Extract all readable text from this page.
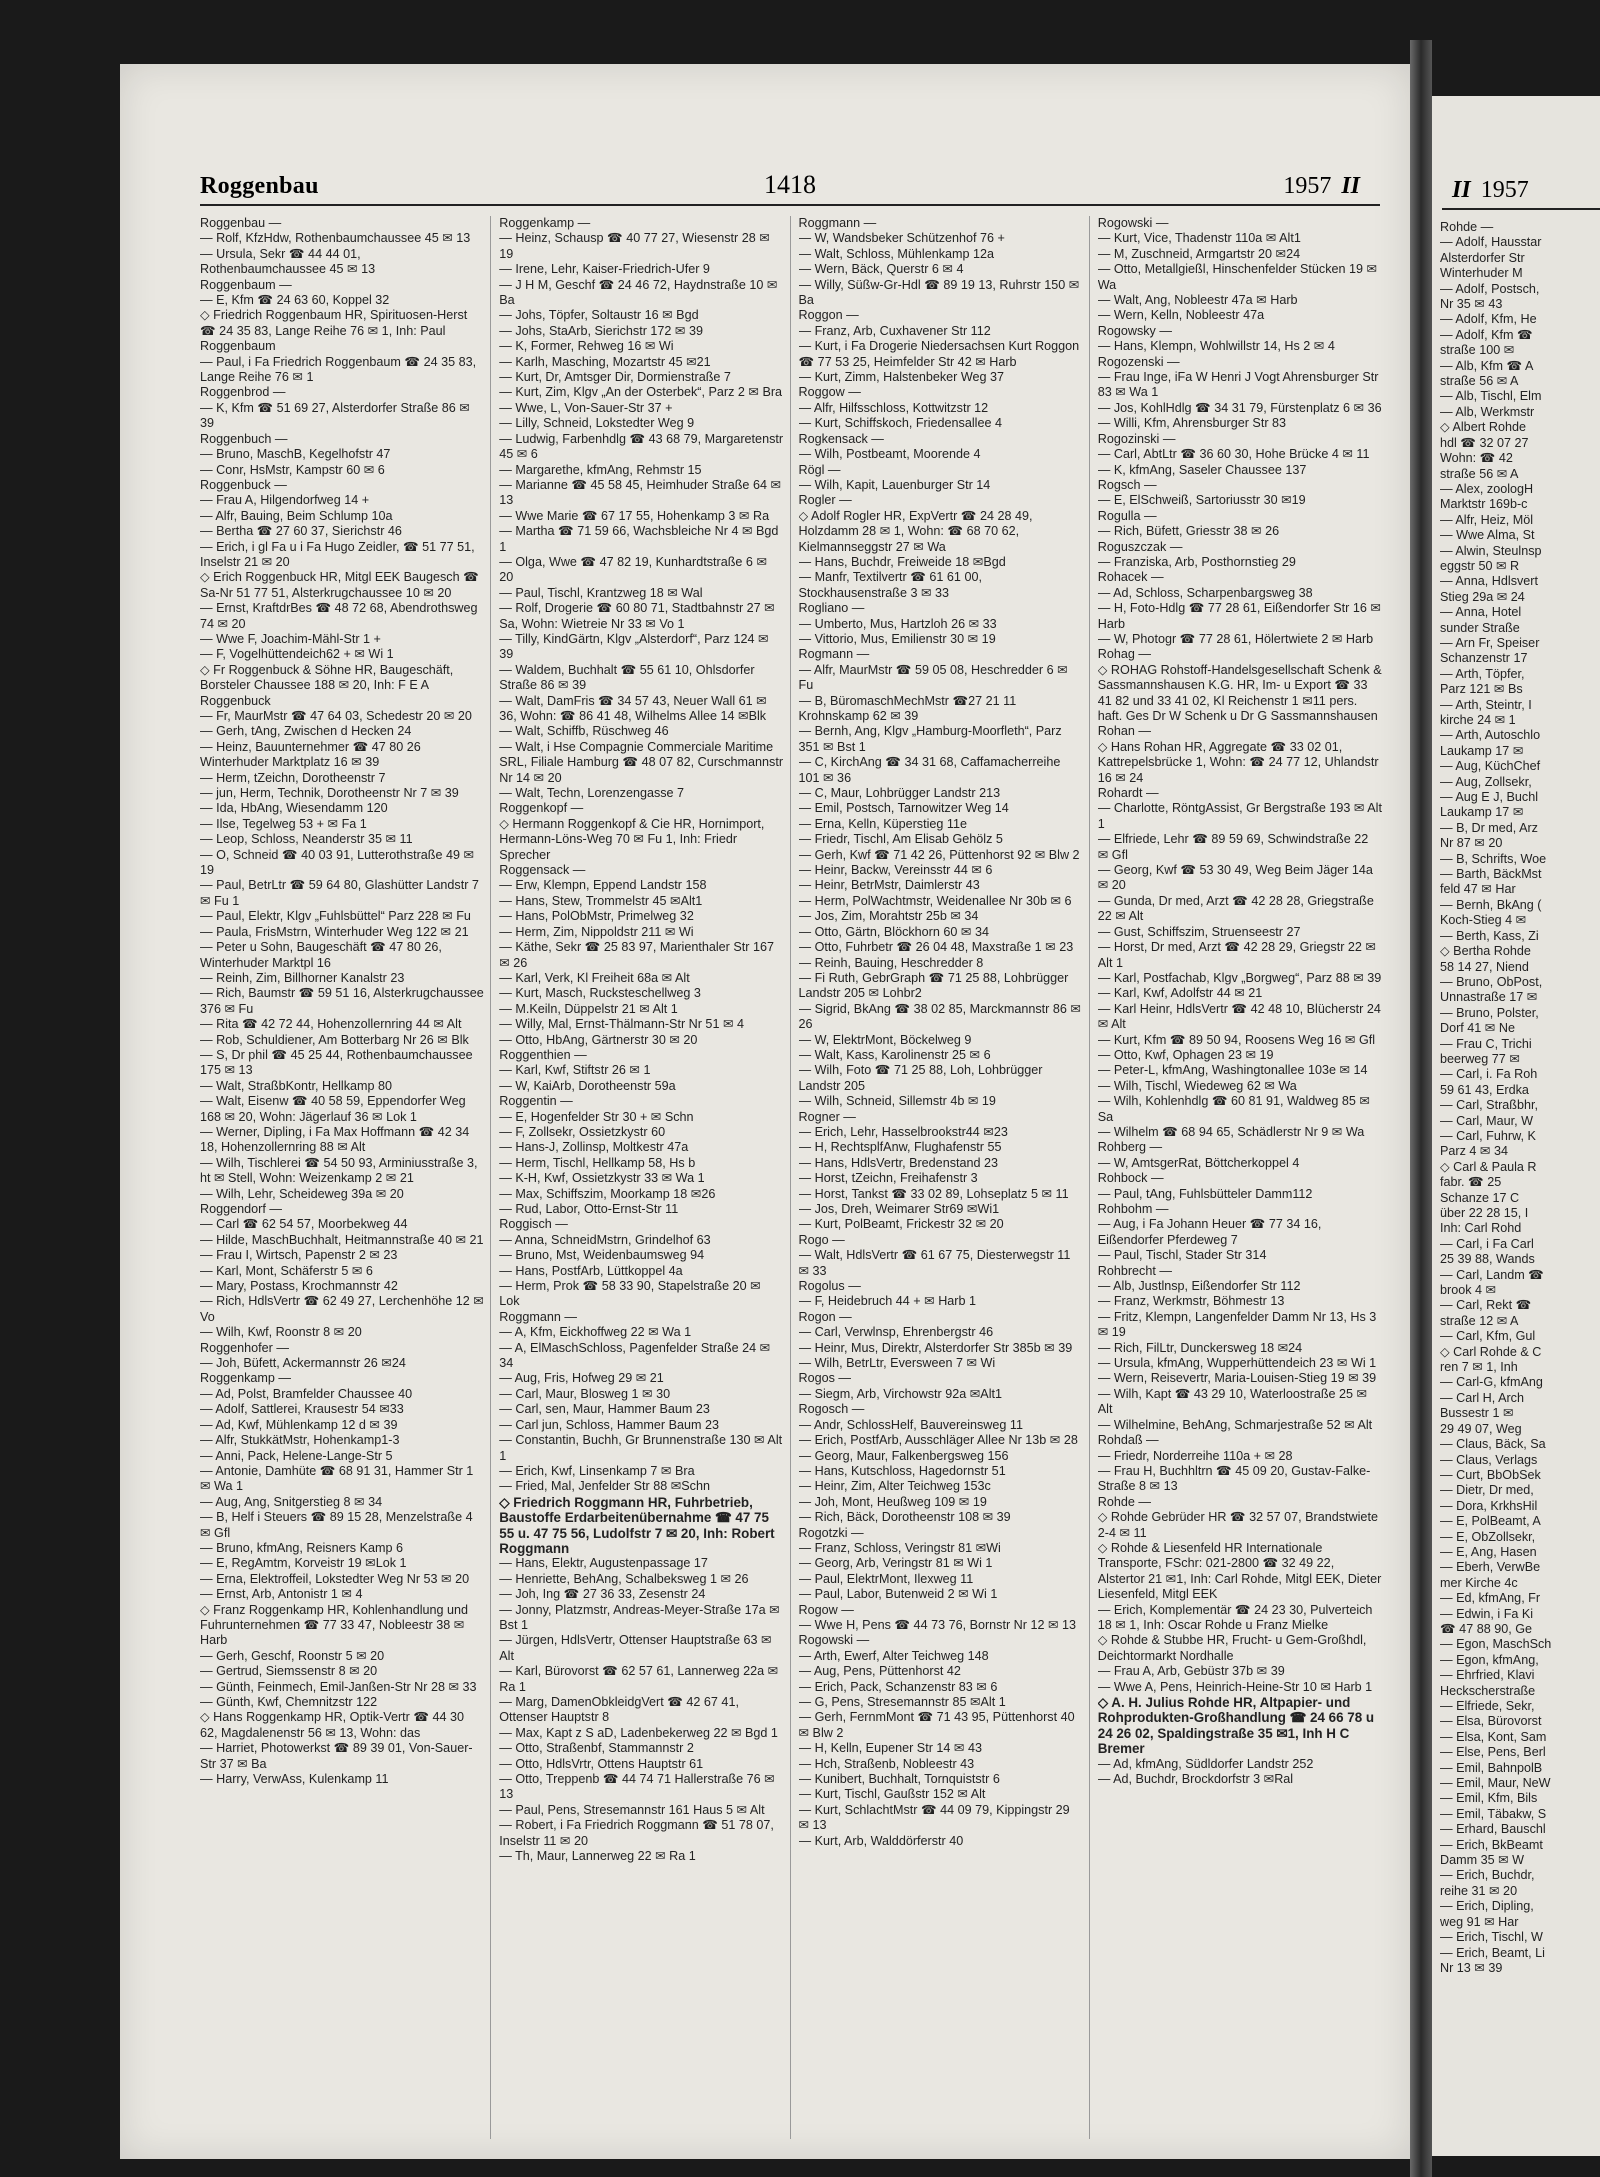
Roggenbau	1418	1957 II

Roggenbau —

— Rolf, KfzHdw, Rothenbaumchaussee 45 ✉ 13

— Ursula, Sekr ☎ 44 44 01, Rothenbaumchaussee 45 ✉ 13

Roggenbaum —

— E, Kfm ☎ 24 63 60, Koppel 32

◇ Friedrich Roggenbaum HR, Spirituosen-Herst ☎ 24 35 83, Lange Reihe 76 ✉ 1, Inh: Paul Roggenbaum

— Paul, i Fa Friedrich Roggenbaum ☎ 24 35 83, Lange Reihe 76 ✉ 1

Roggenbrod —

— K, Kfm ☎ 51 69 27, Alsterdorfer Straße 86 ✉ 39

Roggenbuch —

— Bruno, MaschB, Kegelhofstr 47

— Conr, HsMstr, Kampstr 60 ✉ 6

Roggenbuck —

— Frau A, Hilgendorfweg 14 +

— Alfr, Bauing, Beim Schlump 10a

— Bertha ☎ 27 60 37, Sierichstr 46

— Erich, i gl Fa u i Fa Hugo Zeidler, ☎ 51 77 51, Inselstr 21 ✉ 20

◇ Erich Roggenbuck HR, Mitgl EEK Baugesch ☎ Sa-Nr 51 77 51, Alsterkrugchaussee 10 ✉ 20

— Ernst, KraftdrBes ☎ 48 72 68, Abendrothsweg 74 ✉ 20

— Wwe F, Joachim-Mähl-Str 1 +

— F, Vogelhüttendeich62 + ✉ Wi 1

◇ Fr Roggenbuck & Söhne HR, Baugeschäft, Borsteler Chaussee 188 ✉ 20, Inh: F E A Roggenbuck

— Fr, MaurMstr ☎ 47 64 03, Schedestr 20 ✉ 20

— Gerh, tAng, Zwischen d Hecken 24

— Heinz, Bauunternehmer ☎ 47 80 26 Winterhuder Marktplatz 16 ✉ 39

— Herm, tZeichn, Dorotheenstr 7

— jun, Herm, Technik, Dorotheenstr Nr 7 ✉ 39

— Ida, HbAng, Wiesendamm 120

— Ilse, Tegelweg 53 + ✉ Fa 1

— Leop, Schloss, Neanderstr 35 ✉ 11

— O, Schneid ☎ 40 03 91, Lutterothstraße 49 ✉ 19

— Paul, BetrLtr ☎ 59 64 80, Glashütter Landstr 7 ✉ Fu 1

— Paul, Elektr, Klgv „Fuhlsbüttel“ Parz 228 ✉ Fu

— Paula, FrisMstrn, Winterhuder Weg 122 ✉ 21

— Peter u Sohn, Baugeschäft ☎ 47 80 26, Winterhuder Marktpl 16

— Reinh, Zim, Billhorner Kanalstr 23

— Rich, Baumstr ☎ 59 51 16, Alsterkrugchaussee 376 ✉ Fu

— Rita ☎ 42 72 44, Hohenzollernring 44 ✉ Alt

— Rob, Schuldiener, Am Botterbarg Nr 26 ✉ Blk

— S, Dr phil ☎ 45 25 44, Rothenbaumchaussee 175 ✉ 13

— Walt, StraßbKontr, Hellkamp 80

— Walt, Eisenw ☎ 40 58 59, Eppendorfer Weg 168 ✉ 20, Wohn: Jägerlauf 36 ✉ Lok 1

— Werner, Dipling, i Fa Max Hoffmann ☎ 42 34 18, Hohenzollernring 88 ✉ Alt

— Wilh, Tischlerei ☎ 54 50 93, Arminiusstraße 3, ht ✉ Stell, Wohn: Weizenkamp 2 ✉ 21

— Wilh, Lehr, Scheideweg 39a ✉ 20

Roggendorf —

— Carl ☎ 62 54 57, Moorbekweg 44

— Hilde, MaschBuchhalt, Heitmannstraße 40 ✉ 21

— Frau I, Wirtsch, Papenstr 2 ✉ 23

— Karl, Mont, Schäferstr 5 ✉ 6

— Mary, Postass, Krochmannstr 42

— Rich, HdlsVertr ☎ 62 49 27, Lerchenhöhe 12 ✉ Vo

— Wilh, Kwf, Roonstr 8 ✉ 20

Roggenhofer —

— Joh, Büfett, Ackermannstr 26 ✉24

Roggenkamp —

— Ad, Polst, Bramfelder Chaussee 40

— Adolf, Sattlerei, Krausestr 54 ✉33

— Ad, Kwf, Mühlenkamp 12 d ✉ 39

— Alfr, StukkätMstr, Hohenkamp1-3

— Anni, Pack, Helene-Lange-Str 5

— Antonie, Damhüte ☎ 68 91 31, Hammer Str 1 ✉ Wa 1

— Aug, Ang, Snitgerstieg 8 ✉ 34

— B, Helf i Steuers ☎ 89 15 28, Menzelstraße 4 ✉ Gfl

— Bruno, kfmAng, Reisners Kamp 6

— E, RegAmtm, Korveistr 19 ✉Lok 1

— Erna, Elektroffeil, Lokstedter Weg Nr 53 ✉ 20

— Ernst, Arb, Antonistr 1 ✉ 4

◇ Franz Roggenkamp HR, Kohlenhandlung und Fuhrunternehmen ☎ 77 33 47, Nobleestr 38 ✉ Harb

— Gerh, Geschf, Roonstr 5 ✉ 20

— Gertrud, Siemssenstr 8 ✉ 20

— Günth, Feinmech, Emil-Janßen-Str Nr 28 ✉ 33

— Günth, Kwf, Chemnitzstr 122

◇ Hans Roggenkamp HR, Optik-Vertr ☎ 44 30 62, Magdalenenstr 56 ✉ 13, Wohn: das

— Harriet, Photowerkst ☎ 89 39 01, Von-Sauer-Str 37 ✉ Ba

— Harry, VerwAss, Kulenkamp 11

Roggenkamp —

— Heinz, Schausp ☎ 40 77 27, Wiesenstr 28 ✉ 19

— Irene, Lehr, Kaiser-Friedrich-Ufer 9

— J H M, Geschf ☎ 24 46 72, Haydnstraße 10 ✉ Ba

— Johs, Töpfer, Soltaustr 16 ✉ Bgd

— Johs, StaArb, Sierichstr 172 ✉ 39

— K, Former, Rehweg 16 ✉ Wi

— Karlh, Masching, Mozartstr 45 ✉21

— Kurt, Dr, Amtsger Dir, Dormienstraße 7

— Kurt, Zim, Klgv „An der Osterbek“, Parz 2 ✉ Bra

— Wwe, L, Von-Sauer-Str 37 +

— Lilly, Schneid, Lokstedter Weg 9

— Ludwig, Farbenhdlg ☎ 43 68 79, Margaretenstr 45 ✉ 6

— Margarethe, kfmAng, Rehmstr 15

— Marianne ☎ 45 58 45, Heimhuder Straße 64 ✉ 13

— Wwe Marie ☎ 67 17 55, Hohenkamp 3 ✉ Ra

— Martha ☎ 71 59 66, Wachsbleiche Nr 4 ✉ Bgd 1

— Olga, Wwe ☎ 47 82 19, Kunhardtstraße 6 ✉ 20

— Paul, Tischl, Krantzweg 18 ✉ Wal

— Rolf, Drogerie ☎ 60 80 71, Stadtbahnstr 27 ✉ Sa, Wohn: Wietreie Nr 33 ✉ Vo 1

— Tilly, KindGärtn, Klgv „Alsterdorf“, Parz 124 ✉ 39

— Waldem, Buchhalt ☎ 55 61 10, Ohlsdorfer Straße 86 ✉ 39

— Walt, DamFris ☎ 34 57 43, Neuer Wall 61 ✉ 36, Wohn: ☎ 86 41 48, Wilhelms Allee 14 ✉Blk

— Walt, Schiffb, Rüschweg 46

— Walt, i Hse Compagnie Commerciale Maritime SRL, Filiale Hamburg ☎ 48 07 82, Curschmannstr Nr 14 ✉ 20

— Walt, Techn, Lorenzengasse 7

Roggenkopf —

◇ Hermann Roggenkopf & Cie HR, Hornimport, Hermann-Löns-Weg 70 ✉ Fu 1, Inh: Friedr Sprecher

Roggensack —

— Erw, Klempn, Eppend Landstr 158

— Hans, Stew, Trommelstr 45 ✉Alt1

— Hans, PolObMstr, Primelweg 32

— Herm, Zim, Nippoldstr 211 ✉ Wi

— Käthe, Sekr ☎ 25 83 97, Marienthaler Str 167 ✉ 26

— Karl, Verk, Kl Freiheit 68a ✉ Alt

— Kurt, Masch, Rucksteschellweg 3

— M.Keiln, Düppelstr 21 ✉ Alt 1

— Willy, Mal, Ernst-Thälmann-Str Nr 51 ✉ 4

— Otto, HbAng, Gärtnerstr 30 ✉ 20

Roggenthien —

— Karl, Kwf, Stiftstr 26 ✉ 1

— W, KaiArb, Dorotheenstr 59a

Roggentin —

— E, Hogenfelder Str 30 + ✉ Schn

— F, Zollsekr, Ossietzkystr 60

— Hans-J, Zollinsp, Moltkestr 47a

— Herm, Tischl, Hellkamp 58, Hs b

— K-H, Kwf, Ossietzkystr 33 ✉ Wa 1

— Max, Schiffszim, Moorkamp 18 ✉26

— Rud, Labor, Otto-Ernst-Str 11

Roggisch —

— Anna, SchneidMstrn, Grindelhof 63

— Bruno, Mst, Weidenbaumsweg 94

— Hans, PostfArb, Lüttkoppel 4a

— Herm, Prok ☎ 58 33 90, Stapelstraße 20 ✉ Lok

Roggmann —

— A, Kfm, Eickhoffweg 22 ✉ Wa 1

— A, ElMaschSchloss, Pagenfelder Straße 24 ✉ 34

— Aug, Fris, Hofweg 29 ✉ 21

— Carl, Maur, Blosweg 1 ✉ 30

— Carl, sen, Maur, Hammer Baum 23

— Carl jun, Schloss, Hammer Baum 23

— Constantin, Buchh, Gr Brunnenstraße 130 ✉ Alt 1

— Erich, Kwf, Linsenkamp 7 ✉ Bra

— Fried, Mal, Jenfelder Str 88 ✉Schn

◇ Friedrich Roggmann HR, Fuhrbetrieb, Baustoffe Erdarbeitenübernahme ☎ 47 75 55 u. 47 75 56, Ludolfstr 7 ✉ 20, Inh: Robert Roggmann

— Hans, Elektr, Augustenpassage 17

— Henriette, BehAng, Schalbeksweg 1 ✉ 26

— Joh, Ing ☎ 27 36 33, Zesenstr 24

— Jonny, Platzmstr, Andreas-Meyer-Straße 17a ✉ Bst 1

— Jürgen, HdlsVertr, Ottenser Hauptstraße 63 ✉ Alt

— Karl, Bürovorst ☎ 62 57 61, Lannerweg 22a ✉ Ra 1

— Marg, DamenObkleidgVert ☎ 42 67 41, Ottenser Hauptstr 8

— Max, Kapt z S aD, Ladenbekerweg 22 ✉ Bgd 1

— Otto, Straßenbf, Stammannstr 2

— Otto, HdlsVrtr, Ottens Hauptstr 61

— Otto, Treppenb ☎ 44 74 71 Hallerstraße 76 ✉ 13

— Paul, Pens, Stresemannstr 161 Haus 5 ✉ Alt

— Robert, i Fa Friedrich Roggmann ☎ 51 78 07, Inselstr 11 ✉ 20

— Th, Maur, Lannerweg 22 ✉ Ra 1

Roggmann —

— W, Wandsbeker Schützenhof 76 +

— Walt, Schloss, Mühlenkamp 12a

— Wern, Bäck, Querstr 6 ✉ 4

— Willy, Süßw-Gr-Hdl ☎ 89 19 13, Ruhrstr 150 ✉ Ba

Roggon —

— Franz, Arb, Cuxhavener Str 112

— Kurt, i Fa Drogerie Niedersachsen Kurt Roggon ☎ 77 53 25, Heimfelder Str 42 ✉ Harb

— Kurt, Zimm, Halstenbeker Weg 37

Roggow —

— Alfr, Hilfsschloss, Kottwitzstr 12

— Kurt, Schiffskoch, Friedensallee 4

Rogkensack —

— Wilh, Postbeamt, Moorende 4

Rögl —

— Wilh, Kapit, Lauenburger Str 14

Rogler —

◇ Adolf Rogler HR, ExpVertr ☎ 24 28 49, Holzdamm 28 ✉ 1, Wohn: ☎ 68 70 62, Kielmannseggstr 27 ✉ Wa

— Hans, Buchdr, Freiweide 18 ✉Bgd

— Manfr, Textilvertr ☎ 61 61 00, Stockhausenstraße 3 ✉ 33

Rogliano —

— Umberto, Mus, Hartzloh 26 ✉ 33

— Vittorio, Mus, Emilienstr 30 ✉ 19

Rogmann —

— Alfr, MaurMstr ☎ 59 05 08, Heschredder 6 ✉ Fu

— B, BüromaschMechMstr ☎27 21 11 Krohnskamp 62 ✉ 39

— Bernh, Ang, Klgv „Hamburg-Moorfleth“, Parz 351 ✉ Bst 1

— C, KirchAng ☎ 34 31 68, Caffamacherreihe 101 ✉ 36

— C, Maur, Lohbrügger Landstr 213

— Emil, Postsch, Tarnowitzer Weg 14

— Erna, Kelln, Küperstieg 11e

— Friedr, Tischl, Am Elisab Gehölz 5

— Gerh, Kwf ☎ 71 42 26, Püttenhorst 92 ✉ Blw 2

— Heinr, Backw, Vereinsstr 44 ✉ 6

— Heinr, BetrMstr, Daimlerstr 43

— Herm, PolWachtmstr, Weidenallee Nr 30b ✉ 6

— Jos, Zim, Morahtstr 25b ✉ 34

— Otto, Gärtn, Blöckhorn 60 ✉ 34

— Otto, Fuhrbetr ☎ 26 04 48, Maxstraße 1 ✉ 23

— Reinh, Bauing, Heschredder 8

— Fi Ruth, GebrGraph ☎ 71 25 88, Lohbrügger Landstr 205 ✉ Lohbr2

— Sigrid, BkAng ☎ 38 02 85, Marckmannstr 86 ✉ 26

— W, ElektrMont, Böckelweg 9

— Walt, Kass, Karolinenstr 25 ✉ 6

— Wilh, Foto ☎ 71 25 88, Loh, Lohbrügger Landstr 205

— Wilh, Schneid, Sillemstr 4b ✉ 19

Rogner —

— Erich, Lehr, Hasselbrookstr44 ✉23

— H, RechtsplfAnw, Flughafenstr 55

— Hans, HdlsVertr, Bredenstand 23

— Horst, tZeichn, Freihafenstr 3

— Horst, Tankst ☎ 33 02 89, Lohseplatz 5 ✉ 11

— Jos, Dreh, Weimarer Str69 ✉Wi1

— Kurt, PolBeamt, Frickestr 32 ✉ 20

Rogo —

— Walt, HdlsVertr ☎ 61 67 75, Diesterwegstr 11 ✉ 33

Rogolus —

— F, Heidebruch 44 + ✉ Harb 1

Rogon —

— Carl, Verwlnsp, Ehrenbergstr 46

— Heinr, Mus, Direktr, Alsterdorfer Str 385b ✉ 39

— Wilh, BetrLtr, Eversween 7 ✉ Wi

Rogos —

— Siegm, Arb, Virchowstr 92a ✉Alt1

Rogosch —

— Andr, SchlossHelf, Bauvereinsweg 11

— Erich, PostfArb, Ausschläger Allee Nr 13b ✉ 28

— Georg, Maur, Falkenbergsweg 156

— Hans, Kutschloss, Hagedornstr 51

— Heinr, Zim, Alter Teichweg 153c

— Joh, Mont, Heußweg 109 ✉ 19

— Rich, Bäck, Dorotheenstr 108 ✉ 39

Rogotzki —

— Franz, Schloss, Veringstr 81 ✉Wi

— Georg, Arb, Veringstr 81 ✉ Wi 1

— Paul, ElektrMont, Ilexweg 11

— Paul, Labor, Butenweid 2 ✉ Wi 1

Rogow —

— Wwe H, Pens ☎ 44 73 76, Bornstr Nr 12 ✉ 13

Rogowski —

— Arth, Ewerf, Alter Teichweg 148

— Aug, Pens, Püttenhorst 42

— Erich, Pack, Schanzenstr 83 ✉ 6

— G, Pens, Stresemannstr 85 ✉Alt 1

— Gerh, FernmMont ☎ 71 43 95, Püttenhorst 40 ✉ Blw 2

— H, Kelln, Eupener Str 14 ✉ 43

— Hch, Straßenb, Nobleestr 43

— Kunibert, Buchhalt, Tornquiststr 6

— Kurt, Tischl, Gaußstr 152 ✉ Alt

— Kurt, SchlachtMstr ☎ 44 09 79, Kippingstr 29 ✉ 13

— Kurt, Arb, Walddörferstr 40

Rogowski —

— Kurt, Vice, Thadenstr 110a ✉ Alt1

— M, Zuschneid, Armgartstr 20 ✉24

— Otto, Metallgießl, Hinschenfelder Stücken 19 ✉ Wa

— Walt, Ang, Nobleestr 47a ✉ Harb

— Wern, Kelln, Nobleestr 47a

Rogowsky —

— Hans, Klempn, Wohlwillstr 14, Hs 2 ✉ 4

Rogozenski —

— Frau Inge, iFa W Henri J Vogt Ahrensburger Str 83 ✉ Wa 1

— Jos, KohlHdlg ☎ 34 31 79, Fürstenplatz 6 ✉ 36

— Willi, Kfm, Ahrensburger Str 83

Rogozinski —

— Carl, AbtLtr ☎ 36 60 30, Hohe Brücke 4 ✉ 11

— K, kfmAng, Saseler Chaussee 137

Rogsch —

— E, ElSchweiß, Sartoriusstr 30 ✉19

Rogulla —

— Rich, Büfett, Griesstr 38 ✉ 26

Roguszczak —

— Franziska, Arb, Posthornstieg 29

Rohacek —

— Ad, Schloss, Scharpenbargsweg 38

— H, Foto-Hdlg ☎ 77 28 61, Eißendorfer Str 16 ✉ Harb

— W, Photogr ☎ 77 28 61, Hölertwiete 2 ✉ Harb

Rohag —

◇ ROHAG Rohstoff-Handelsgesellschaft Schenk & Sassmannshausen K.G. HR, Im- u Export ☎ 33 41 82 und 33 41 02, Kl Reichenstr 1 ✉11 pers. haft. Ges Dr W Schenk u Dr G Sassmannshausen

Rohan —

◇ Hans Rohan HR, Aggregate ☎ 33 02 01, Kattrepelsbrücke 1, Wohn: ☎ 24 77 12, Uhlandstr 16 ✉ 24

Rohardt —

— Charlotte, RöntgAssist, Gr Bergstraße 193 ✉ Alt 1

— Elfriede, Lehr ☎ 89 59 69, Schwindstraße 22 ✉ Gfl

— Georg, Kwf ☎ 53 30 49, Weg Beim Jäger 14a ✉ 20

— Gunda, Dr med, Arzt ☎ 42 28 28, Griegstraße 22 ✉ Alt

— Gust, Schiffszim, Struenseestr 27

— Horst, Dr med, Arzt ☎ 42 28 29, Griegstr 22 ✉ Alt 1

— Karl, Postfachab, Klgv „Borgweg“, Parz 88 ✉ 39

— Karl, Kwf, Adolfstr 44 ✉ 21

— Karl Heinr, HdlsVertr ☎ 42 48 10, Blücherstr 24 ✉ Alt

— Kurt, Kfm ☎ 89 50 94, Roosens Weg 16 ✉ Gfl

— Otto, Kwf, Ophagen 23 ✉ 19

— Peter-L, kfmAng, Washingtonallee 103e ✉ 14

— Wilh, Tischl, Wiedeweg 62 ✉ Wa

— Wilh, Kohlenhdlg ☎ 60 81 91, Waldweg 85 ✉ Sa

— Wilhelm ☎ 68 94 65, Schädlerstr Nr 9 ✉ Wa

Rohberg —

— W, AmtsgerRat, Böttcherkoppel 4

Rohbock —

— Paul, tAng, Fuhlsbütteler Damm112

Rohbohm —

— Aug, i Fa Johann Heuer ☎ 77 34 16, Eißendorfer Pferdeweg 7

— Paul, Tischl, Stader Str 314

Rohbrecht —

— Alb, Justlnsp, Eißendorfer Str 112

— Franz, Werkmstr, Böhmestr 13

— Fritz, Klempn, Langenfelder Damm Nr 13, Hs 3 ✉ 19

— Rich, FilLtr, Dunckersweg 18 ✉24

— Ursula, kfmAng, Wupperhüttendeich 23 ✉ Wi 1

— Wern, Reisevertr, Maria-Louisen-Stieg 19 ✉ 39

— Wilh, Kapt ☎ 43 29 10, Waterloostraße 25 ✉ Alt

— Wilhelmine, BehAng, Schmarjestraße 52 ✉ Alt

Rohdaß —

— Friedr, Norderreihe 110a + ✉ 28

— Frau H, Buchhltrn ☎ 45 09 20, Gustav-Falke-Straße 8 ✉ 13

Rohde —

◇ Rohde Gebrüder HR ☎ 32 57 07, Brandstwiete 2-4 ✉ 11

◇ Rohde & Liesenfeld HR Internationale Transporte, FSchr: 021-2800 ☎ 32 49 22, Alstertor 21 ✉1, Inh: Carl Rohde, Mitgl EEK, Dieter Liesenfeld, Mitgl EEK

— Erich, Komplementär ☎ 24 23 30, Pulverteich 18 ✉ 1, Inh: Oscar Rohde u Franz Mielke

◇ Rohde & Stubbe HR, Frucht- u Gem-Großhdl, Deichtormarkt Nordhalle

— Frau A, Arb, Gebüstr 37b ✉ 39

— Wwe A, Pens, Heinrich-Heine-Str 10 ✉ Harb 1

◇ A. H. Julius Rohde HR, Altpapier- und Rohprodukten-Großhandlung ☎ 24 66 78 u 24 26 02, Spaldingstraße 35 ✉1, Inh H C Bremer

— Ad, kfmAng, Südldorfer Landstr 252

— Ad, Buchdr, Brockdorfstr 3 ✉Ral

II 1957
Rohde —
— Adolf, Hausstar
Alsterdorfer Str
Winterhuder M
— Adolf, Postsch,
Nr 35 ✉ 43
— Adolf, Kfm, He
— Adolf, Kfm ☎
straße 100 ✉
— Alb, Kfm ☎ A
straße 56 ✉ A
— Alb, Tischl, Elm
— Alb, Werkmstr
◇ Albert Rohde
hdl ☎ 32 07 27
Wohn: ☎ 42
straße 56 ✉ A
— Alex, zoologH
Marktstr 169b-c
— Alfr, Heiz, Möl
— Wwe Alma, St
— Alwin, Steulnsp
eggstr 50 ✉ R
— Anna, Hdlsvert
Stieg 29a ✉ 24
— Anna, Hotel
sunder Straße
— Arn Fr, Speiser
Schanzenstr 17
— Arth, Töpfer,
Parz 121 ✉ Bs
— Arth, Steintr, I
kirche 24 ✉ 1
— Arth, Autoschlo
Laukamp 17 ✉
— Aug, KüchChef
— Aug, Zollsekr,
— Aug E J, Buchl
Laukamp 17 ✉
— B, Dr med, Arz
Nr 87 ✉ 20
— B, Schrifts, Woe
— Barth, BäckMst
feld 47 ✉ Har
— Bernh, BkAng (
Koch-Stieg 4 ✉
— Berth, Kass, Zi
◇ Bertha Rohde
58 14 27, Niend
— Bruno, ObPost,
Unnastraße 17 ✉
— Bruno, Polster,
Dorf 41 ✉ Ne
— Frau C, Trichi
beerweg 77 ✉
— Carl, i. Fa Roh
59 61 43, Erdka
— Carl, Straßbhr,
— Carl, Maur, W
— Carl, Fuhrw, K
Parz 4 ✉ 34
◇ Carl & Paula R
fabr. ☎ 25
Schanze 17 C
über 22 28 15, I
Inh: Carl Rohd
— Carl, i Fa Carl
25 39 88, Wands
— Carl, Landm ☎
brook 4 ✉
— Carl, Rekt ☎
straße 12 ✉ A
— Carl, Kfm, Gul
◇ Carl Rohde & C
ren 7 ✉ 1, Inh
— Carl-G, kfmAng
— Carl H, Arch
Bussestr 1 ✉
29 49 07, Weg
— Claus, Bäck, Sa
— Claus, Verlags
— Curt, BbObSek
— Dietr, Dr med,
— Dora, KrkhsHil
— E, PolBeamt, A
— E, ObZollsekr,
— E, Ang, Hasen
— Eberh, VerwBe
mer Kirche 4c
— Ed, kfmAng, Fr
— Edwin, i Fa Ki
☎ 47 88 90, Ge
— Egon, MaschSch
— Egon, kfmAng,
— Ehrfried, Klavi
Heckscherstraße
— Elfriede, Sekr,
— Elsa, Bürovorst
— Elsa, Kont, Sam
— Else, Pens, Berl
— Emil, BahnpolB
— Emil, Maur, NeW
— Emil, Kfm, Bils
— Emil, Täbakw, S
— Erhard, Bauschl
— Erich, BkBeamt
Damm 35 ✉ W
— Erich, Buchdr,
reihe 31 ✉ 20
— Erich, Dipling,
weg 91 ✉ Har
— Erich, Tischl, W
— Erich, Beamt, Li
Nr 13 ✉ 39
